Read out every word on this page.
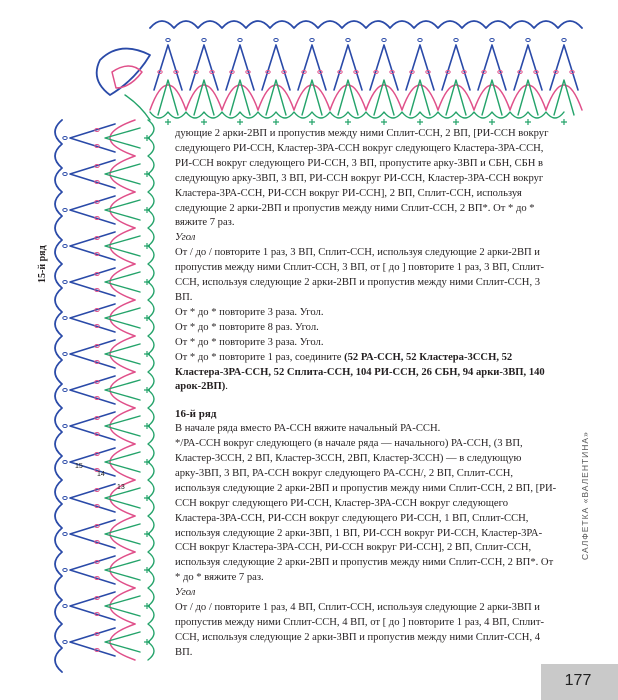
15
14
13
15-й ряд

дующие 2 арки-2ВП и пропустив между ними Сплит-ССН, 2 ВП, [РИ-ССН вокруг следующего РИ-ССН, Кластер-3РА-ССН вокруг следующего Кластера-3РА-ССН, РИ-ССН вокруг следующего РИ-ССН, 3 ВП, пропустите арку-3ВП и СБН, СБН в следующую арку-3ВП, 3 ВП, РИ-ССН вокруг РИ-ССН, Кластер-3РА-ССН вокруг Кластера-3РА-ССН, РИ-ССН вокруг РИ-ССН], 2 ВП, Сплит-ССН, используя следующие 2 арки-2ВП и пропустив между ними Сплит-ССН, 2 ВП*. От * до * вяжите 7 раз.

Угол

От / до / повторите 1 раз, 3 ВП, Сплит-ССН, используя следующие 2 арки-2ВП и пропустив между ними Сплит-ССН, 3 ВП, от [ до ] повторите 1 раз, 3 ВП, Сплит-ССН, используя следующие 2 арки-2ВП и пропустив между ними Сплит-ССН, 3 ВП.

От * до * повторите 3 раза. Угол.

От * до * повторите 8 раз. Угол.

От * до * повторите 3 раза. Угол.

От * до * повторите 1 раз, соедините (52 РА-ССН, 52 Кластера-3ССН, 52 Кластера-3РА-ССН, 52 Сплита-ССН, 104 РИ-ССН, 26 СБН, 94 арки-3ВП, 140 арок-2ВП).

16-й ряд

В начале ряда вместо РА-ССН вяжите начальный РА-ССН.

*/РА-ССН вокруг следующего (в начале ряда — начального) РА-ССН, (3 ВП, Кластер-3ССН, 2 ВП, Кластер-3ССН, 2ВП, Кластер-3ССН) — в следующую арку-3ВП, 3 ВП, РА-ССН вокруг следующего РА-ССН/, 2 ВП, Сплит-ССН, используя следующие 2 арки-2ВП и пропустив между ними Сплит-ССН, 2 ВП, [РИ-ССН вокруг следующего РИ-ССН, Кластер-3РА-ССН вокруг следующего Кластера-3РА-ССН, РИ-ССН вокруг следующего РИ-ССН, 1 ВП, Сплит-ССН, используя следующие 2 арки-3ВП, 1 ВП, РИ-ССН вокруг РИ-ССН, Кластер-3РА-ССН вокруг Кластера-3РА-ССН, РИ-ССН вокруг РИ-ССН], 2 ВП, Сплит-ССН, используя следующие 2 арки-2ВП и пропустив между ними Сплит-ССН, 2 ВП*. От * до * вяжите 7 раз.

Угол

От / до / повторите 1 раз, 4 ВП, Сплит-ССН, используя следующие 2 арки-3ВП и пропустив между ними Сплит-ССН, 4 ВП, от [ до ] повторите 1 раз, 4 ВП, Сплит-ССН, используя следующие 2 арки-3ВП и пропустив между ними Сплит-ССН, 4 ВП.

САЛФЕТКА «ВАЛЕНТИНА»
177
